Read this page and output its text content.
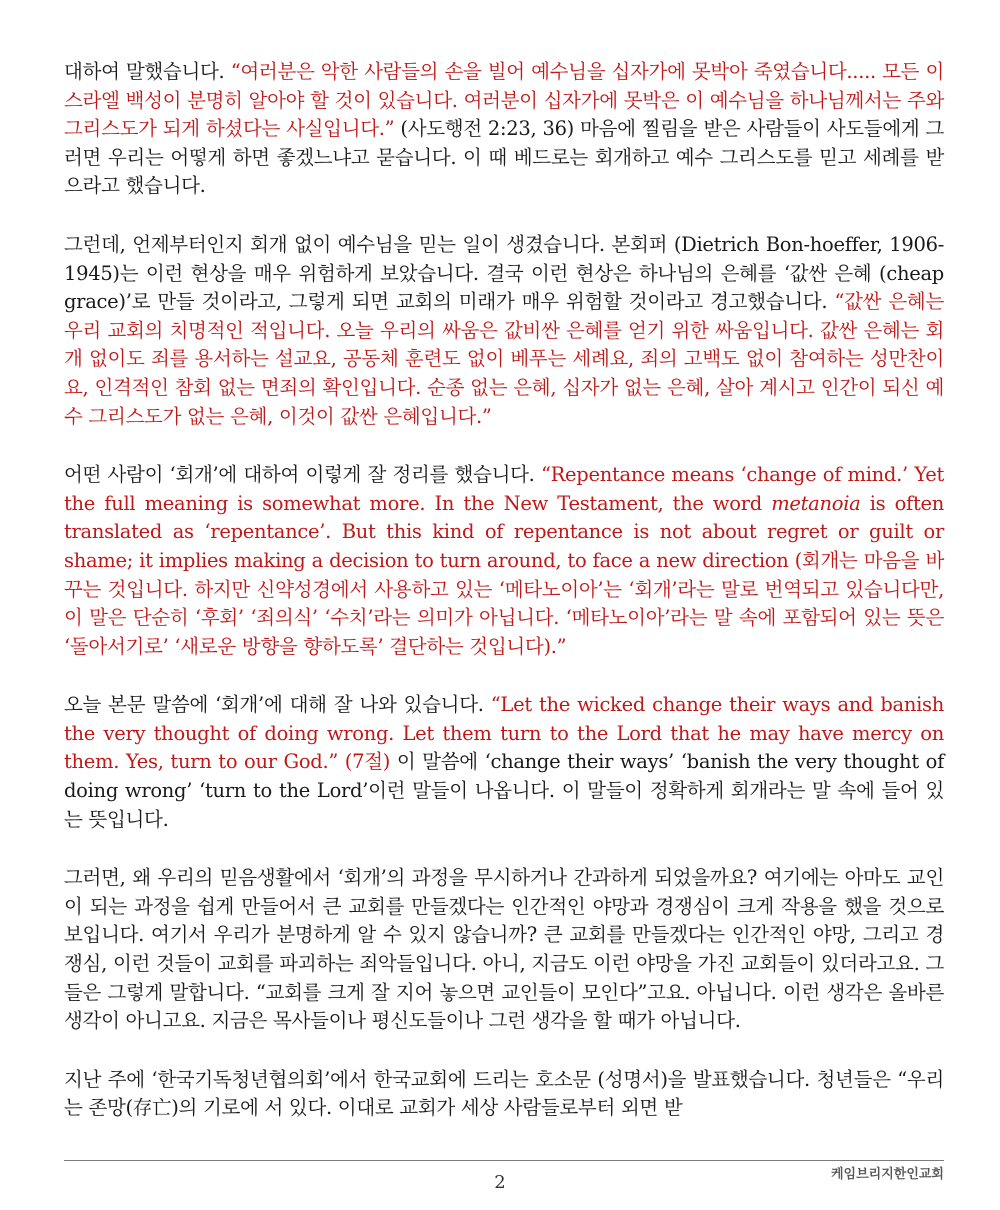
대하여 말했습니다. “여러분은 악한 사람들의 손을 빌어 예수님을 십자가에 못박아 죽였습니다..... 모든 이스라엘 백성이 분명히 알아야 할 것이 있습니다. 여러분이 십자가에 못박은 이 예수님을 하나님께서는 주와 그리스도가 되게 하셨다는 사실입니다.” (사도행전 2:23, 36) 마음에 찔림을 받은 사람들이 사도들에게 그러면 우리는 어떻게 하면 좋겠느냐고 묻습니다. 이 때 베드로는 회개하고 예수 그리스도를 믿고 세례를 받으라고 했습니다.

그런데, 언제부터인지 회개 없이 예수님을 믿는 일이 생겼습니다. 본회퍼 (Dietrich Bon-hoeffer, 1906-1945)는 이런 현상을 매우 위험하게 보았습니다. 결국 이런 현상은 하나님의 은혜를 ‘값싼 은혜 (cheap grace)’로 만들 것이라고, 그렇게 되면 교회의 미래가 매우 위험할 것이라고 경고했습니다. “값싼 은혜는 우리 교회의 치명적인 적입니다. 오늘 우리의 싸움은 값비싼 은혜를 얻기 위한 싸움입니다. 값싼 은혜는 회개 없이도 죄를 용서하는 설교요, 공동체 훈련도 없이 베푸는 세례요, 죄의 고백도 없이 참여하는 성만찬이요, 인격적인 참회 없는 면죄의 확인입니다. 순종 없는 은혜, 십자가 없는 은혜, 살아 계시고 인간이 되신 예수 그리스도가 없는 은혜, 이것이 값싼 은혜입니다.”

어떤 사람이 ‘회개’에 대하여 이렇게 잘 정리를 했습니다. “Repentance means ‘change of mind.’ Yet the full meaning is somewhat more. In the New Testament, the word metanoia is often translated as ‘repentance’. But this kind of repentance is not about regret or guilt or shame; it implies making a decision to turn around, to face a new direction (회개는 마음을 바꾸는 것입니다. 하지만 신약성경에서 사용하고 있는 ‘메타노이아’는 ‘회개’라는 말로 번역되고 있습니다만, 이 말은 단순히 ‘후회’ ‘죄의식’ ‘수치’라는 의미가 아닙니다. ‘메타노이아’라는 말 속에 포함되어 있는 뜻은 ‘돌아서기로’ ‘새로운 방향을 향하도록’ 결단하는 것입니다).”

오늘 본문 말씀에 ‘회개’에 대해 잘 나와 있습니다. “Let the wicked change their ways and banish the very thought of doing wrong. Let them turn to the Lord that he may have mercy on them. Yes, turn to our God.” (7절) 이 말씀에 ‘change their ways’ ‘banish the very thought of doing wrong’ ‘turn to the Lord’이런 말들이 나옵니다. 이 말들이 정확하게 회개라는 말 속에 들어 있는 뜻입니다.

그러면, 왜 우리의 믿음생활에서 ‘회개’의 과정을 무시하거나 간과하게 되었을까요? 여기에는 아마도 교인이 되는 과정을 쉽게 만들어서 큰 교회를 만들겠다는 인간적인 야망과 경쟁심이 크게 작용을 했을 것으로 보입니다. 여기서 우리가 분명하게 알 수 있지 않습니까? 큰 교회를 만들겠다는 인간적인 야망, 그리고 경쟁심, 이런 것들이 교회를 파괴하는 죄악들입니다. 아니, 지금도 이런 야망을 가진 교회들이 있더라고요. 그들은 그렇게 말합니다. “교회를 크게 잘 지어 놓으면 교인들이 모인다”고요. 아닙니다. 이런 생각은 올바른 생각이 아니고요. 지금은 목사들이나 평신도들이나 그런 생각을 할 때가 아닙니다.

지난 주에 ‘한국기독청년협의회’에서 한국교회에 드리는 호소문 (성명서)을 발표했습니다. 청년들은 “우리는 존망(存亡)의 기로에 서 있다. 이대로 교회가 세상 사람들로부터 외면 받

케임브리지한인교회
2
